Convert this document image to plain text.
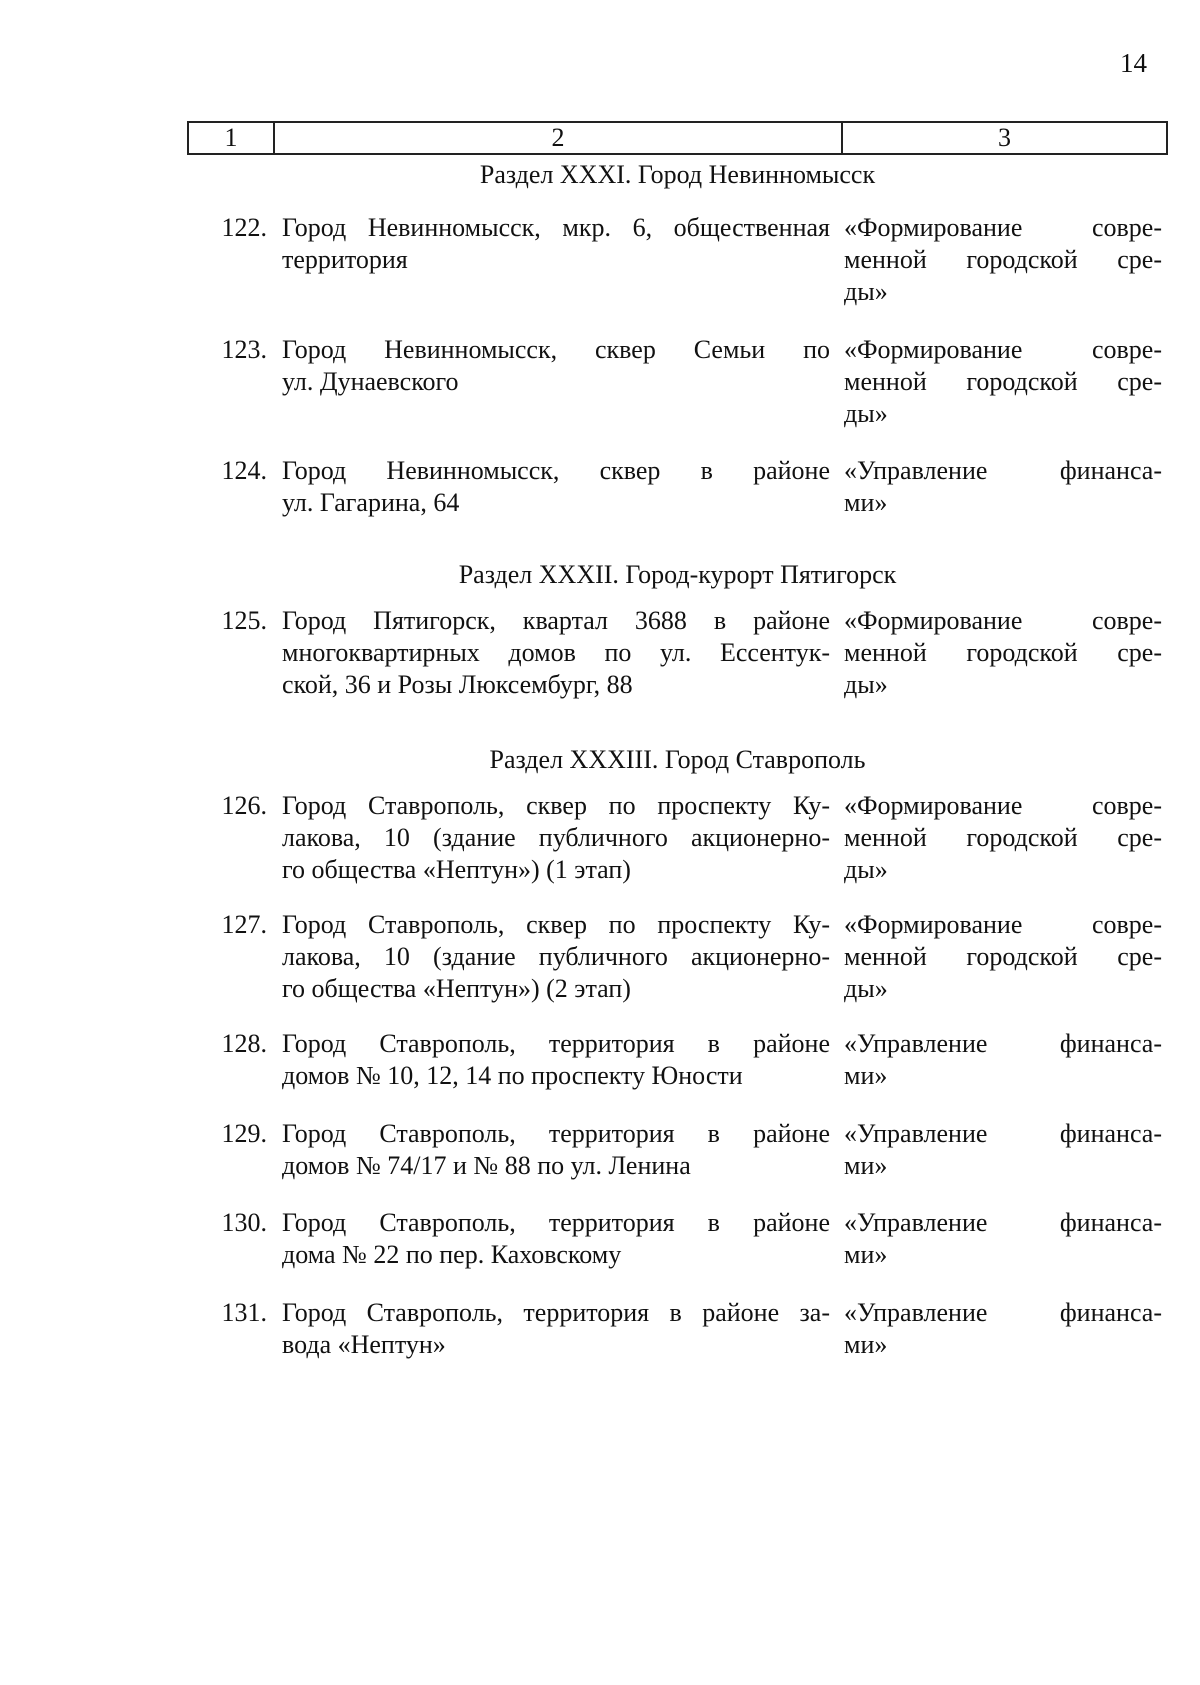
14
1	2	3
Раздел XXXI. Город Невинномысск
122. Город Невинномысск, мкр. 6, общественная
территория
«Формирование совре-
менной городской сре-
ды»
123. Город Невинномысск, сквер Семьи по
ул. Дунаевского
«Формирование совре-
менной городской сре-
ды»
124. Город Невинномысск, сквер в районе
ул. Гагарина, 64
«Управление финанса-
ми»
Раздел XXXII. Город-курорт Пятигорск
125. Город Пятигорск, квартал 3688 в районе
многоквартирных домов по ул. Ессентук-
ской, 36 и Розы Люксембург, 88
«Формирование совре-
менной городской сре-
ды»
Раздел XXXIII. Город Ставрополь
126. Город Ставрополь, сквер по проспекту Ку-
лакова, 10 (здание публичного акционерно-
го общества «Нептун») (1 этап)
«Формирование совре-
менной городской сре-
ды»
127. Город Ставрополь, сквер по проспекту Ку-
лакова, 10 (здание публичного акционерно-
го общества «Нептун») (2 этап)
«Формирование совре-
менной городской сре-
ды»
128. Город Ставрополь, территория в районе
домов № 10, 12, 14 по проспекту Юности
«Управление финанса-
ми»
129. Город Ставрополь, территория в районе
домов № 74/17 и № 88 по ул. Ленина
«Управление финанса-
ми»
130. Город Ставрополь, территория в районе
дома № 22 по пер. Каховскому
«Управление финанса-
ми»
131. Город Ставрополь, территория в районе за-
вода «Нептун»
«Управление финанса-
ми»
